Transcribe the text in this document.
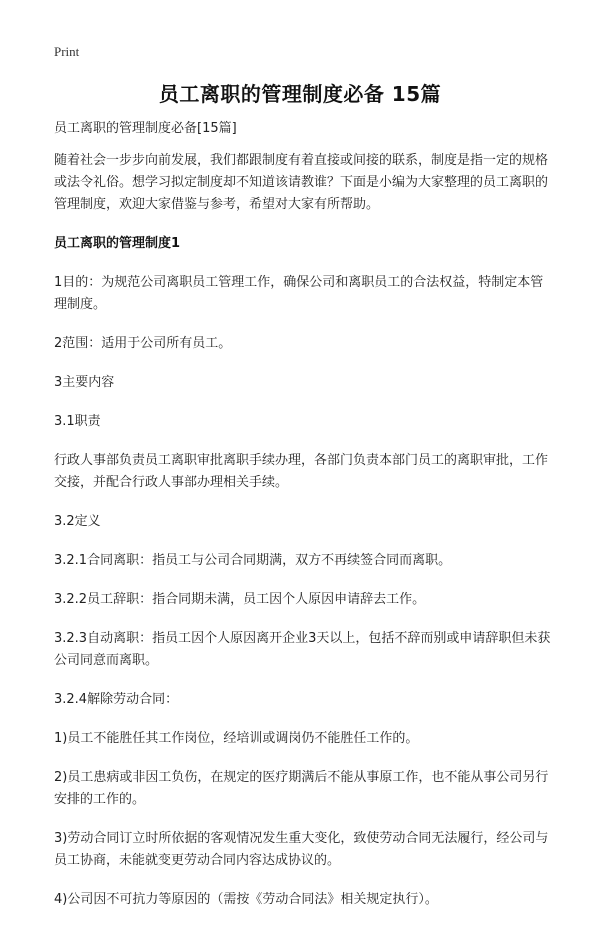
Print
员工离职的管理制度必备 15篇

员工离职的管理制度必备[15篇]

随着社会一步步向前发展，我们都跟制度有着直接或间接的联系，制度是指一定的规格或法令礼俗。想学习拟定制度却不知道该请教谁？下面是小编为大家整理的员工离职的管理制度，欢迎大家借鉴与参考，希望对大家有所帮助。

员工离职的管理制度1

1目的：为规范公司离职员工管理工作，确保公司和离职员工的合法权益，特制定本管理制度。

2范围：适用于公司所有员工。

3主要内容

3.1职责

行政人事部负责员工离职审批离职手续办理，各部门负责本部门员工的离职审批，工作交接，并配合行政人事部办理相关手续。

3.2定义

3.2.1合同离职：指员工与公司合同期满，双方不再续签合同而离职。

3.2.2员工辞职：指合同期未满，员工因个人原因申请辞去工作。

3.2.3自动离职：指员工因个人原因离开企业3天以上，包括不辞而别或申请辞职但未获公司同意而离职。

3.2.4解除劳动合同：

1)员工不能胜任其工作岗位，经培训或调岗仍不能胜任工作的。

2)员工患病或非因工负伤，在规定的医疗期满后不能从事原工作，也不能从事公司另行安排的工作的。

3)劳动合同订立时所依据的客观情况发生重大变化，致使劳动合同无法履行，经公司与员工协商，未能就变更劳动合同内容达成协议的。

4)公司因不可抗力等原因的（需按《劳动合同法》相关规定执行）。
